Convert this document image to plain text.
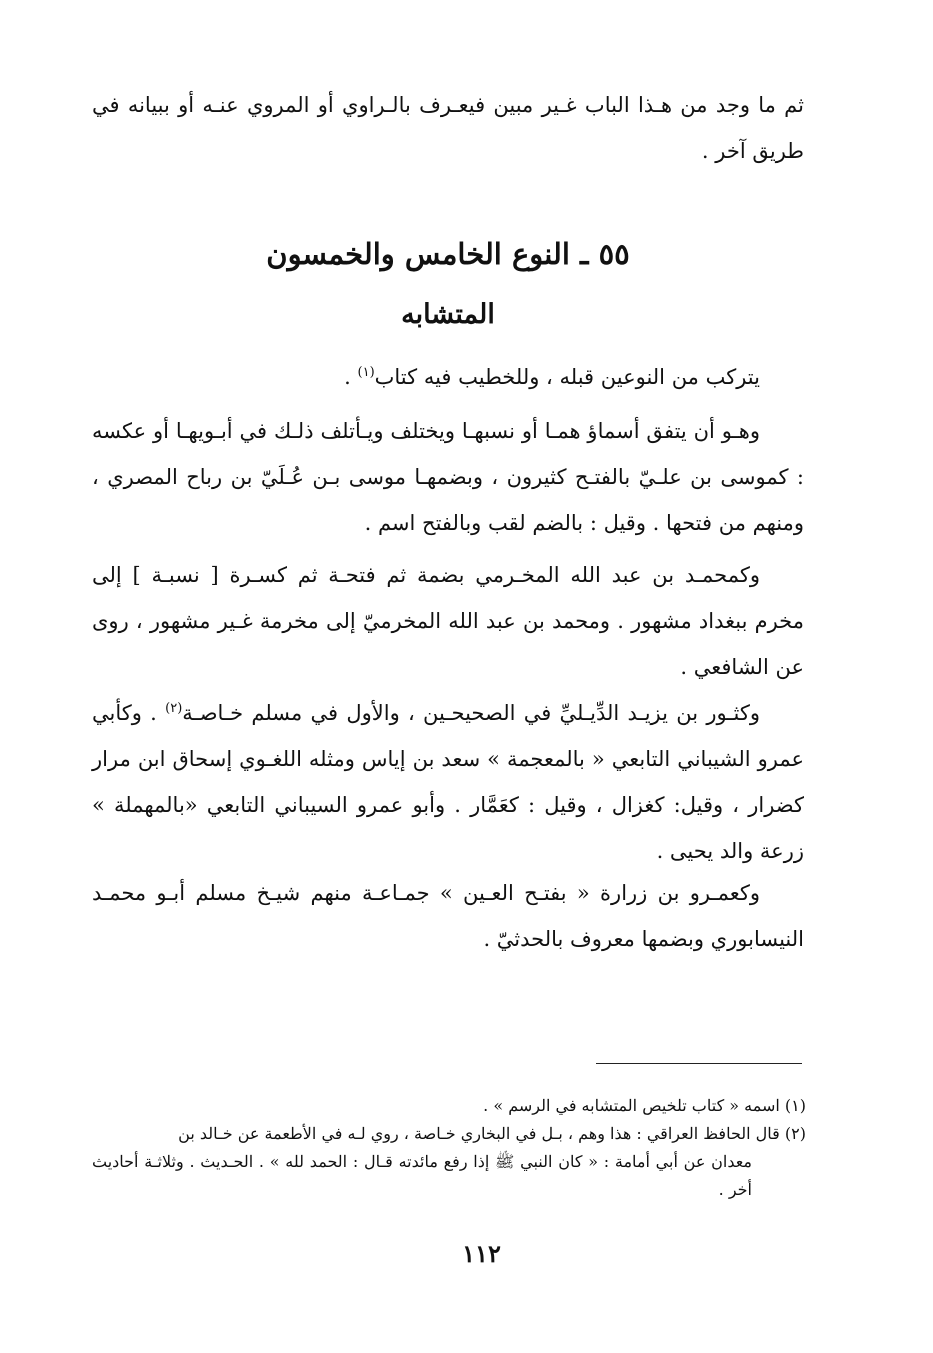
ثم ما وجد من هـذا الباب غـير مبين فيعـرف بالـراوي أو المروي عنـه أو ببيانه في طريق آخر .

٥٥ ـ النوع الخامس والخمسون
المتشابه

يتركب من النوعين قبله ، وللخطيب فيه كتاب$^{(١)}$ .

وهـو أن يتفق أسماؤ همـا أو نسبهـا ويختلف ويـأتلف ذلـك في أبـويهـا أو عكسه : كموسى بن علـيّ بالفتـح كثيرون ، وبضمهـا موسى بـن عُـلَيّ بن رباح المصري ، ومنهم من فتحها . وقيل : بالضم لقب وبالفتح اسم .

وكمحمـد بن عبد الله المخـرمي بضمة ثم فتحـة ثم كسـرة [ نسبـة ] إلى مخرم ببغداد مشهور . ومحمد بن عبد الله المخرميّ إلى مخرمة غـير مشهور ، روى عن الشافعي .

وكثـور بن يزيـد الدِّيـليِّ في الصحيحـين ، والأول في مسلم خـاصـة$^{(٢)}$ . وكأبي عمرو الشيباني التابعي « بالمعجمة » سعد بن إياس ومثله اللغـوي إسحاق ابن مرار كضرار ، وقيل: كغزال ، وقيل : كعَمَّار . وأبو عمرو السيباني التابعي «بالمهملة » زرعة والد يحيى .

وكعمـرو بن زرارة « بفتـح العـين » جمـاعـة منهم شيـخ مسلم أبـو محمـد النيسابوري وبضمها معروف بالحدثيّ .

(١) اسمه « كتاب تلخيص المتشابه في الرسم » .

(٢) قال الحافظ العراقي : هذا وهم ، بـل في البخاري خـاصة ، روي لـه في الأطعمة عن خـالد بن
معدان عن أبي أمامة : « كان النبي ﷺ إذا رفع مائدته قـال : الحمد لله » . الحـديث . وثلاثـة أحاديث أخر .

١١٢
